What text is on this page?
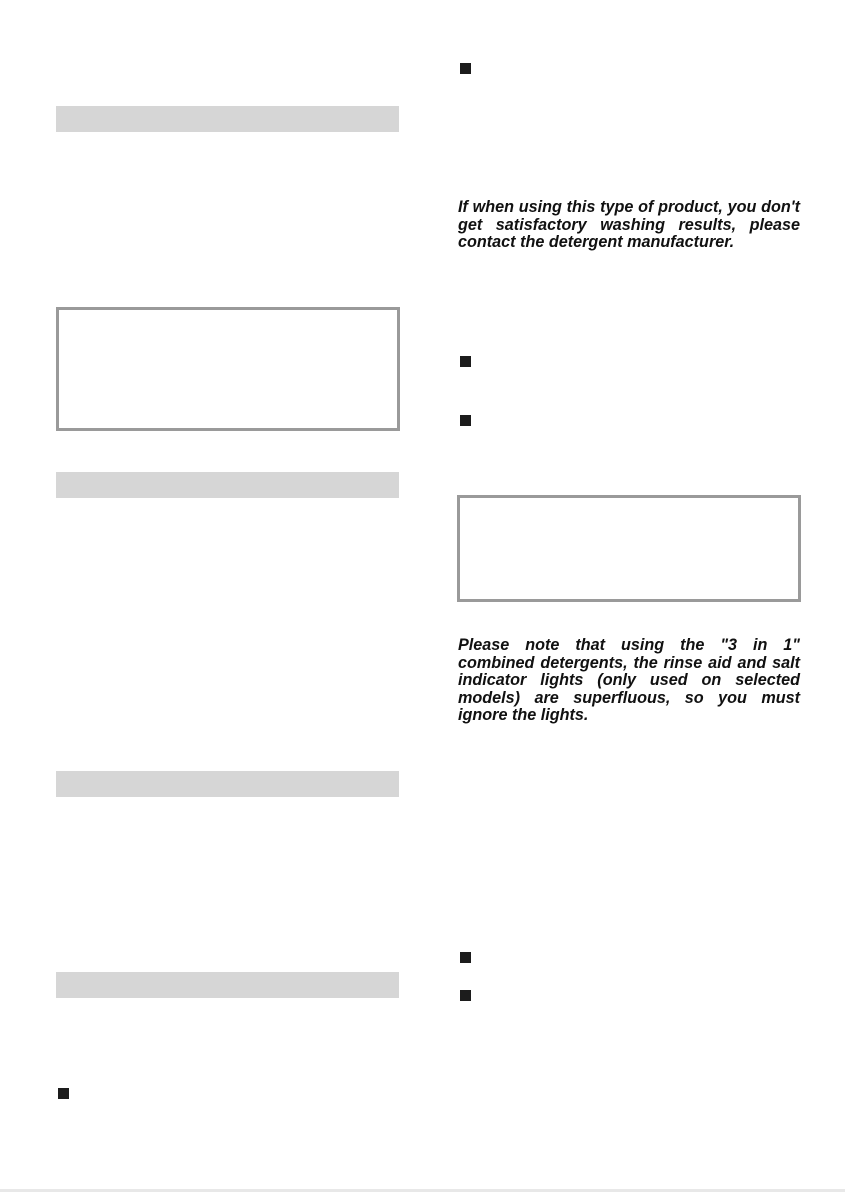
If when using this type of product, you don't get satisfactory washing results, please contact the detergent manufacturer.

Please note that using the "3 in 1" combined detergents, the rinse aid and salt indicator lights (only used on selected models) are superfluous, so you must ignore the lights.
